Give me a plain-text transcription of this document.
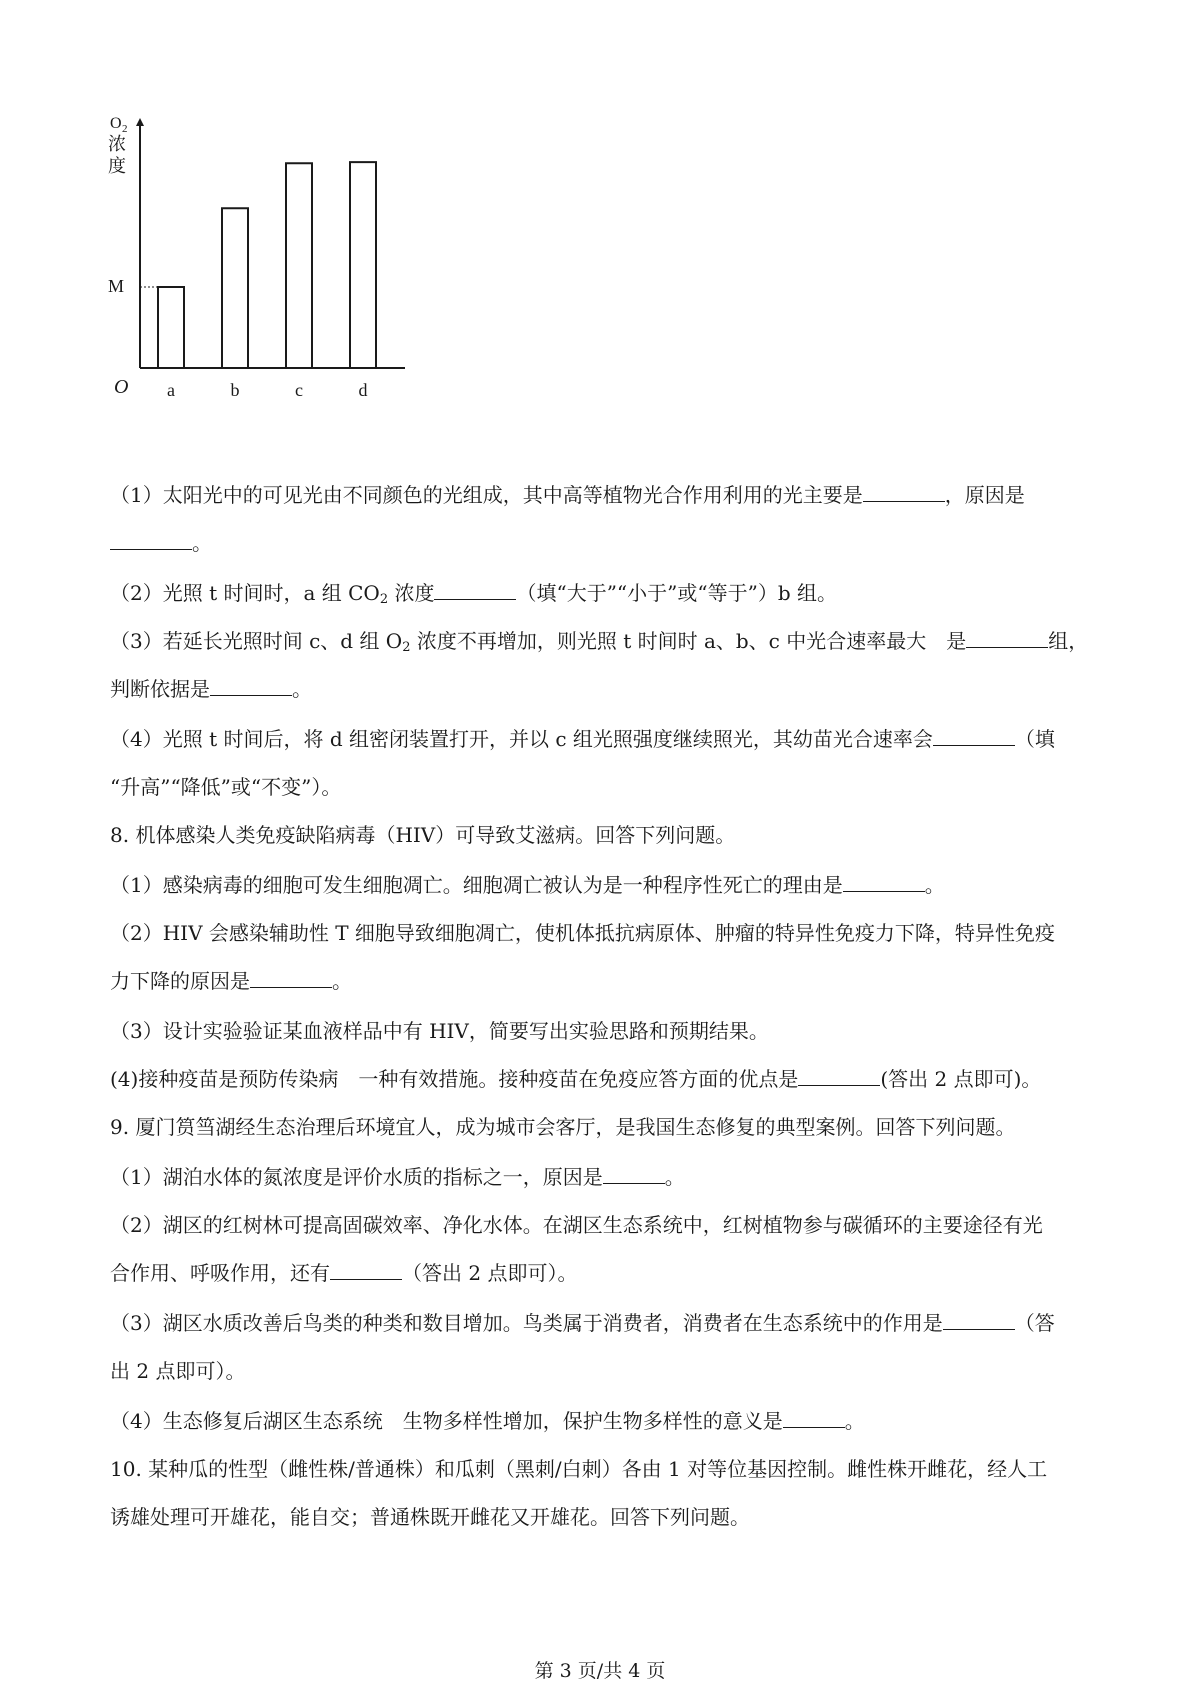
O 2
浓
度
M
O a	b	c	d
（1）太阳光中的可见光由不同颜色的光组成，其中高等植物光合作用利用的光主要是	，原因是
。
（2）光照 t 时间时，a 组 $CO_2$ 浓度	（填“大于”“小于”或“等于”）b 组。
（3）若延长光照时间 c、d 组 $O_2$ 浓度不再增加，则光照 t 时间时 a、b、c 中光合速率最大　是	组，
判断依据是	。
（4）光照 t 时间后，将 d 组密闭装置打开，并以 c 组光照强度继续照光，其幼苗光合速率会	（填
“升高”“降低”或“不变”）。
8. 机体感染人类免疫缺陷病毒（HIV）可导致艾滋病。回答下列问题。
（1）感染病毒的细胞可发生细胞凋亡。细胞凋亡被认为是一种程序性死亡的理由是	。
（2）HIV 会感染辅助性 T 细胞导致细胞凋亡，使机体抵抗病原体、肿瘤的特异性免疫力下降，特异性免疫
力下降的原因是	。
（3）设计实验验证某血液样品中有 HIV，简要写出实验思路和预期结果。
(4)接种疫苗是预防传染病　一种有效措施。接种疫苗在免疫应答方面的优点是	(答出 2 点即可)。
9. 厦门筼筜湖经生态治理后环境宜人，成为城市会客厅，是我国生态修复的典型案例。回答下列问题。
（1）湖泊水体的氮浓度是评价水质的指标之一，原因是	。
（2）湖区的红树林可提高固碳效率、净化水体。在湖区生态系统中，红树植物参与碳循环的主要途径有光
合作用、呼吸作用，还有	（答出 2 点即可）。
（3）湖区水质改善后鸟类的种类和数目增加。鸟类属于消费者，消费者在生态系统中的作用是	（答
出 2 点即可）。
（4）生态修复后湖区生态系统　生物多样性增加，保护生物多样性的意义是	。
10. 某种瓜的性型（雌性株/普通株）和瓜刺（黑刺/白刺）各由 1 对等位基因控制。雌性株开雌花，经人工
诱雄处理可开雄花，能自交；普通株既开雌花又开雄花。回答下列问题。
第 3 页/共 4 页
